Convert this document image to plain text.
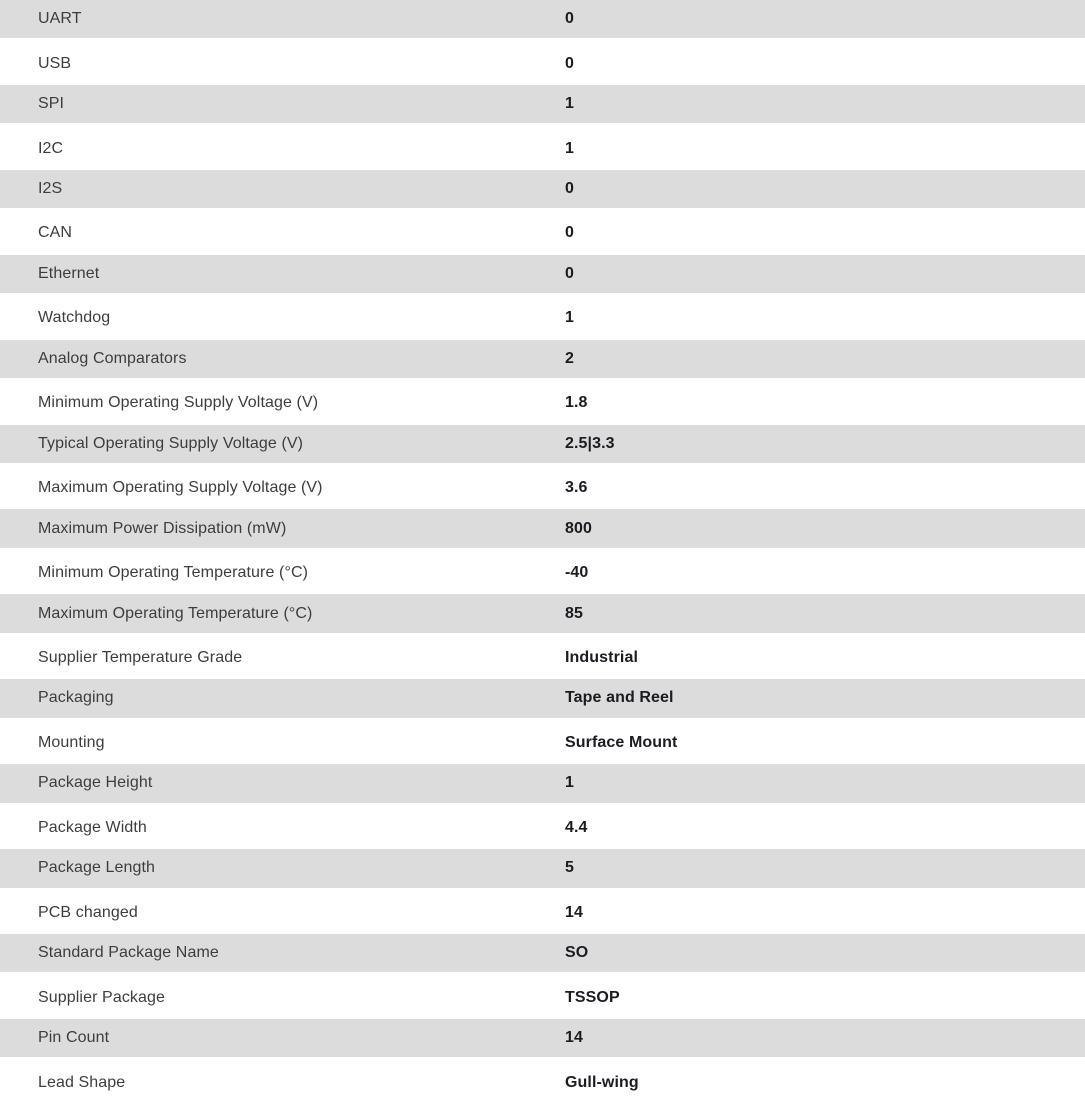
UART	0
USB	0
SPI	1
I2C	1
I2S	0
CAN	0
Ethernet	0
Watchdog	1
Analog Comparators	2
Minimum Operating Supply Voltage (V)	1.8
Typical Operating Supply Voltage (V)	2.5|3.3
Maximum Operating Supply Voltage (V)	3.6
Maximum Power Dissipation (mW)	800
Minimum Operating Temperature (°C)	-40
Maximum Operating Temperature (°C)	85
Supplier Temperature Grade	Industrial
Packaging	Tape and Reel
Mounting	Surface Mount
Package Height	1
Package Width	4.4
Package Length	5
PCB changed	14
Standard Package Name	SO
Supplier Package	TSSOP
Pin Count	14
Lead Shape	Gull-wing
